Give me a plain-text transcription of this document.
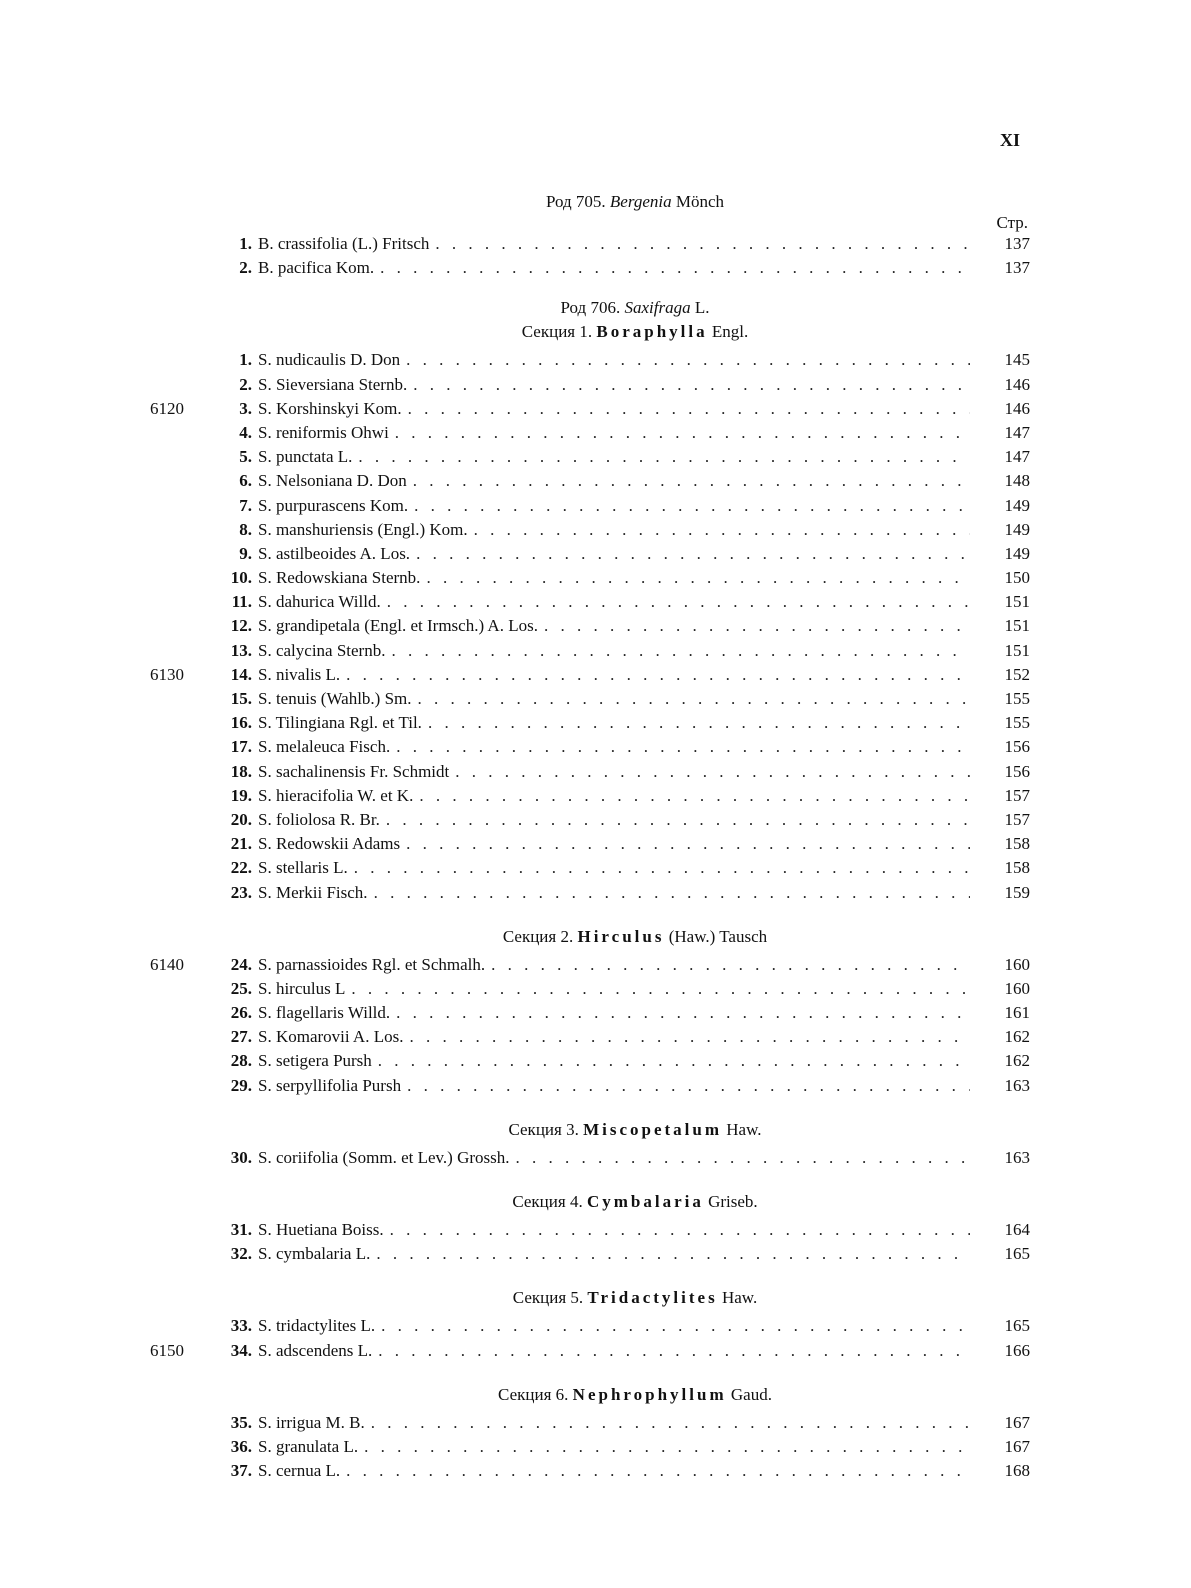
XI
Род 705. Bergenia Mönch
Стр.
1. B. crassifolia (L.) Fritsch . . .	137
2. B. pacifica Kom. . . .	137
Род 706. Saxifraga L.
Секция 1. Boraphylla Engl.
1. S. nudicaulis D. Don . . .	145
2. S. Sieversiana Sternb. . . .	146
6120	3. S. Korshinskyi Kom. . . .	146
4. S. reniformis Ohwi . . .	147
5. S. punctata L. . . .	147
6. S. Nelsoniana D. Don . . .	148
7. S. purpurascens Kom. . . .	149
8. S. manshuriensis (Engl.) Kom. . . .	149
9. S. astilbeoides A. Los. . . .	149
10. S. Redowskiana Sternb. . . .	150
11. S. dahurica Willd. . . .	151
12. S. grandipetala (Engl. et Irmsch.) A. Los. . . .	151
13. S. calycina Sternb. . . .	151
6130	14. S. nivalis L. . . .	152
15. S. tenuis (Wahlb.) Sm. . . .	155
16. S. Tilingiana Rgl. et Til. . . .	155
17. S. melaleuca Fisch. . . .	156
18. S. sachalinensis Fr. Schmidt . . .	156
19. S. hieracifolia W. et K. . . .	157
20. S. foliolosa R. Br. . . .	157
21. S. Redowskii Adams . . .	158
22. S. stellaris L. . . .	158
23. S. Merkii Fisch. . . .	159
Секция 2. Hirculus (Haw.) Tausch
6140	24. S. parnassioides Rgl. et Schmalh. . . .	160
25. S. hirculus L . . .	160
26. S. flagellaris Willd. . . .	161
27. S. Komarovii A. Los. . . .	162
28. S. setigera Pursh . . .	162
29. S. serpyllifolia Pursh . . .	163
Секция 3. Miscopetalum Haw.
30. S. coriifolia (Somm. et Lev.) Grossh. . . .	163
Секция 4. Cymbalaria Griseb.
31. S. Huetiana Boiss. . . .	164
32. S. cymbalaria L. . . .	165
Секция 5. Tridactylites Haw.
33. S. tridactylites L. . . .	165
6150	34. S. adscendens L. . . .	166
Секция 6. Nephrophyllum Gaud.
35. S. irrigua M. B. . . .	167
36. S. granulata L. . . .	167
37. S. cernua L. . . .	168
